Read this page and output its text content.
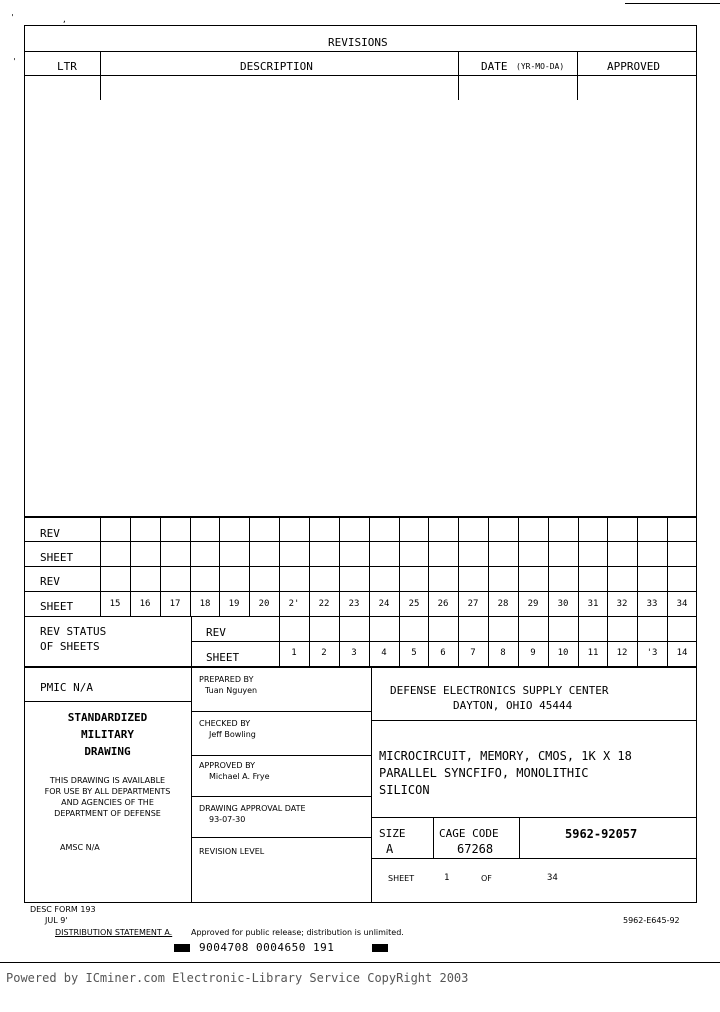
'	,
'
REVISIONS
LTR	DESCRIPTION	DATE (YR-MO-DA)	APPROVED
REV
SHEET
REV
SHEET	15	16	17	18	19	20	2'	22	23	24	25	26	27	28	29	30	31	32	33	34
REV STATUS
OF SHEETS
REV
SHEET	1	2	3	4	5	6	7	8	9	10	11	12	'3	14
PMIC N/A
STANDARDIZED
MILITARY
DRAWING
THIS DRAWING IS AVAILABLE
FOR USE BY ALL DEPARTMENTS
AND AGENCIES OF THE
DEPARTMENT OF DEFENSE
AMSC N/A
PREPARED BY
Tuan Nguyen
CHECKED BY
Jeff Bowling
APPROVED BY
Michael A. Frye
DRAWING APPROVAL DATE
93-07-30
REVISION LEVEL
DEFENSE ELECTRONICS SUPPLY CENTER
DAYTON, OHIO 45444
MICROCIRCUIT, MEMORY, CMOS, 1K X 18
PARALLEL SYNCFIFO, MONOLITHIC
SILICON
SIZE
A
CAGE CODE
67268
5962-92057
SHEET	1	OF	34
DESC FORM 193
JUL 9'	5962-E645-92
DISTRIBUTION STATEMENT A. Approved for public release; distribution is unlimited.
9004708 0004650 191
Powered by ICminer.com Electronic-Library Service CopyRight 2003
